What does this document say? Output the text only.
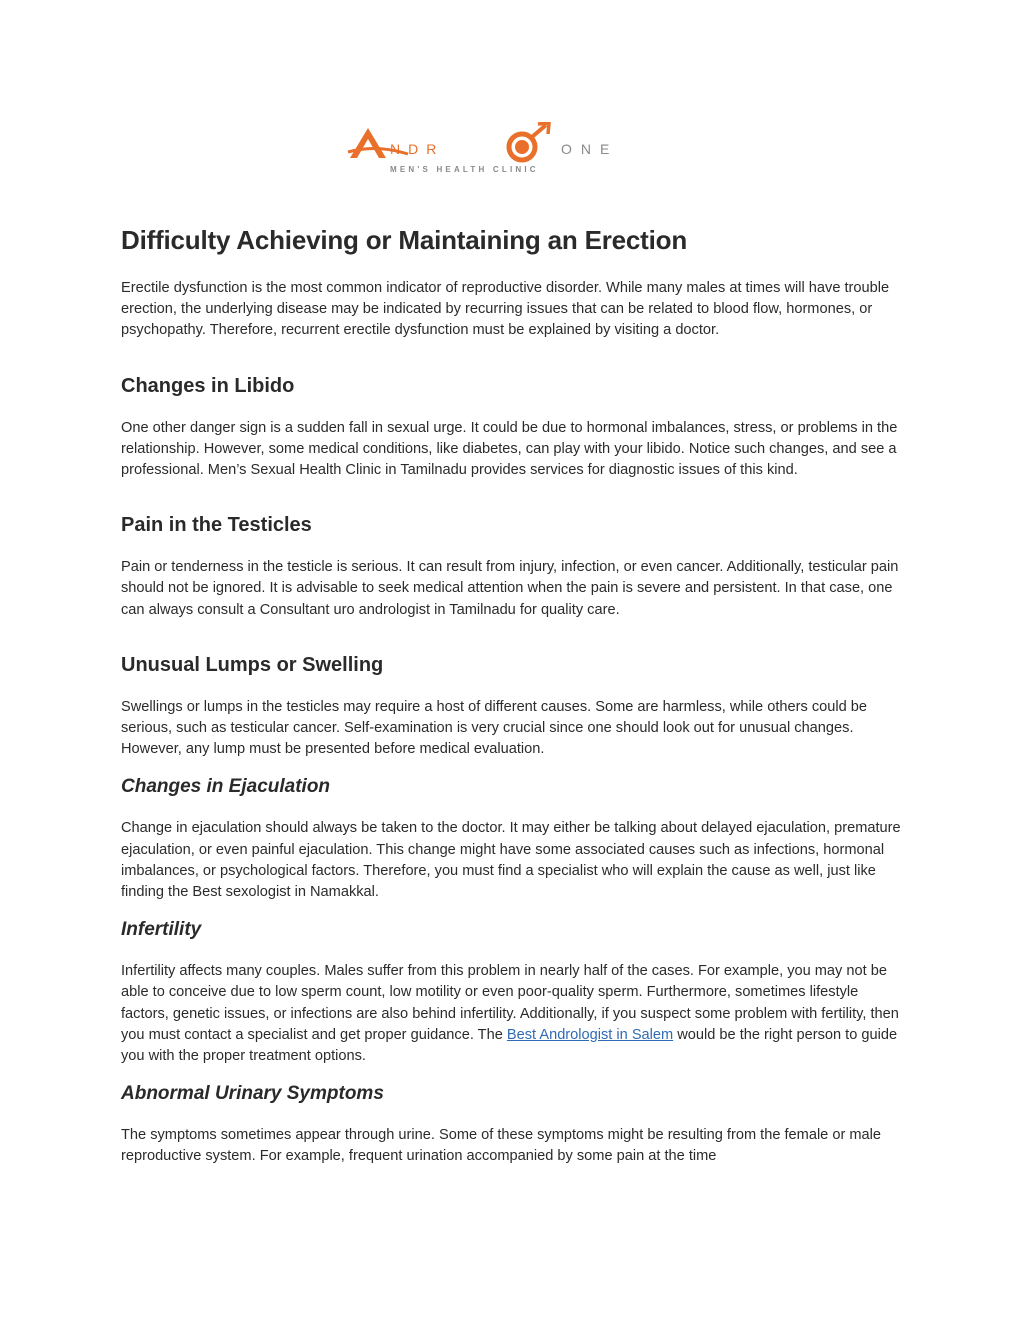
NDR	ONE
MEN'S HEALTH CLINIC
Difficulty Achieving or Maintaining an Erection

Erectile dysfunction is the most common indicator of reproductive disorder. While many males at times will have trouble erection, the underlying disease may be indicated by recurring issues that can be related to blood flow, hormones, or psychopathy. Therefore, recurrent erectile dysfunction must be explained by visiting a doctor.

Changes in Libido

One other danger sign is a sudden fall in sexual urge. It could be due to hormonal imbalances, stress, or problems in the relationship. However, some medical conditions, like diabetes, can play with your libido. Notice such changes, and see a professional. Men’s Sexual Health Clinic in Tamilnadu provides services for diagnostic issues of this kind.

Pain in the Testicles

Pain or tenderness in the testicle is serious. It can result from injury, infection, or even cancer. Additionally, testicular pain should not be ignored. It is advisable to seek medical attention when the pain is severe and persistent. In that case, one can always consult a Consultant uro andrologist in Tamilnadu for quality care.

Unusual Lumps or Swelling

Swellings or lumps in the testicles may require a host of different causes. Some are harmless, while others could be serious, such as testicular cancer. Self-examination is very crucial since one should look out for unusual changes. However, any lump must be presented before medical evaluation.

Changes in Ejaculation

Change in ejaculation should always be taken to the doctor. It may either be talking about delayed ejaculation, premature ejaculation, or even painful ejaculation. This change might have some associated causes such as infections, hormonal imbalances, or psychological factors. Therefore, you must find a specialist who will explain the cause as well, just like finding the Best sexologist in Namakkal.

Infertility

Infertility affects many couples. Males suffer from this problem in nearly half of the cases. For example, you may not be able to conceive due to low sperm count, low motility or even poor-quality sperm. Furthermore, sometimes lifestyle factors, genetic issues, or infections are also behind infertility. Additionally, if you suspect some problem with fertility, then you must contact a specialist and get proper guidance. The Best Andrologist in Salem would be the right person to guide you with the proper treatment options.

Abnormal Urinary Symptoms

The symptoms sometimes appear through urine. Some of these symptoms might be resulting from the female or male reproductive system. For example, frequent urination accompanied by some pain at the time
